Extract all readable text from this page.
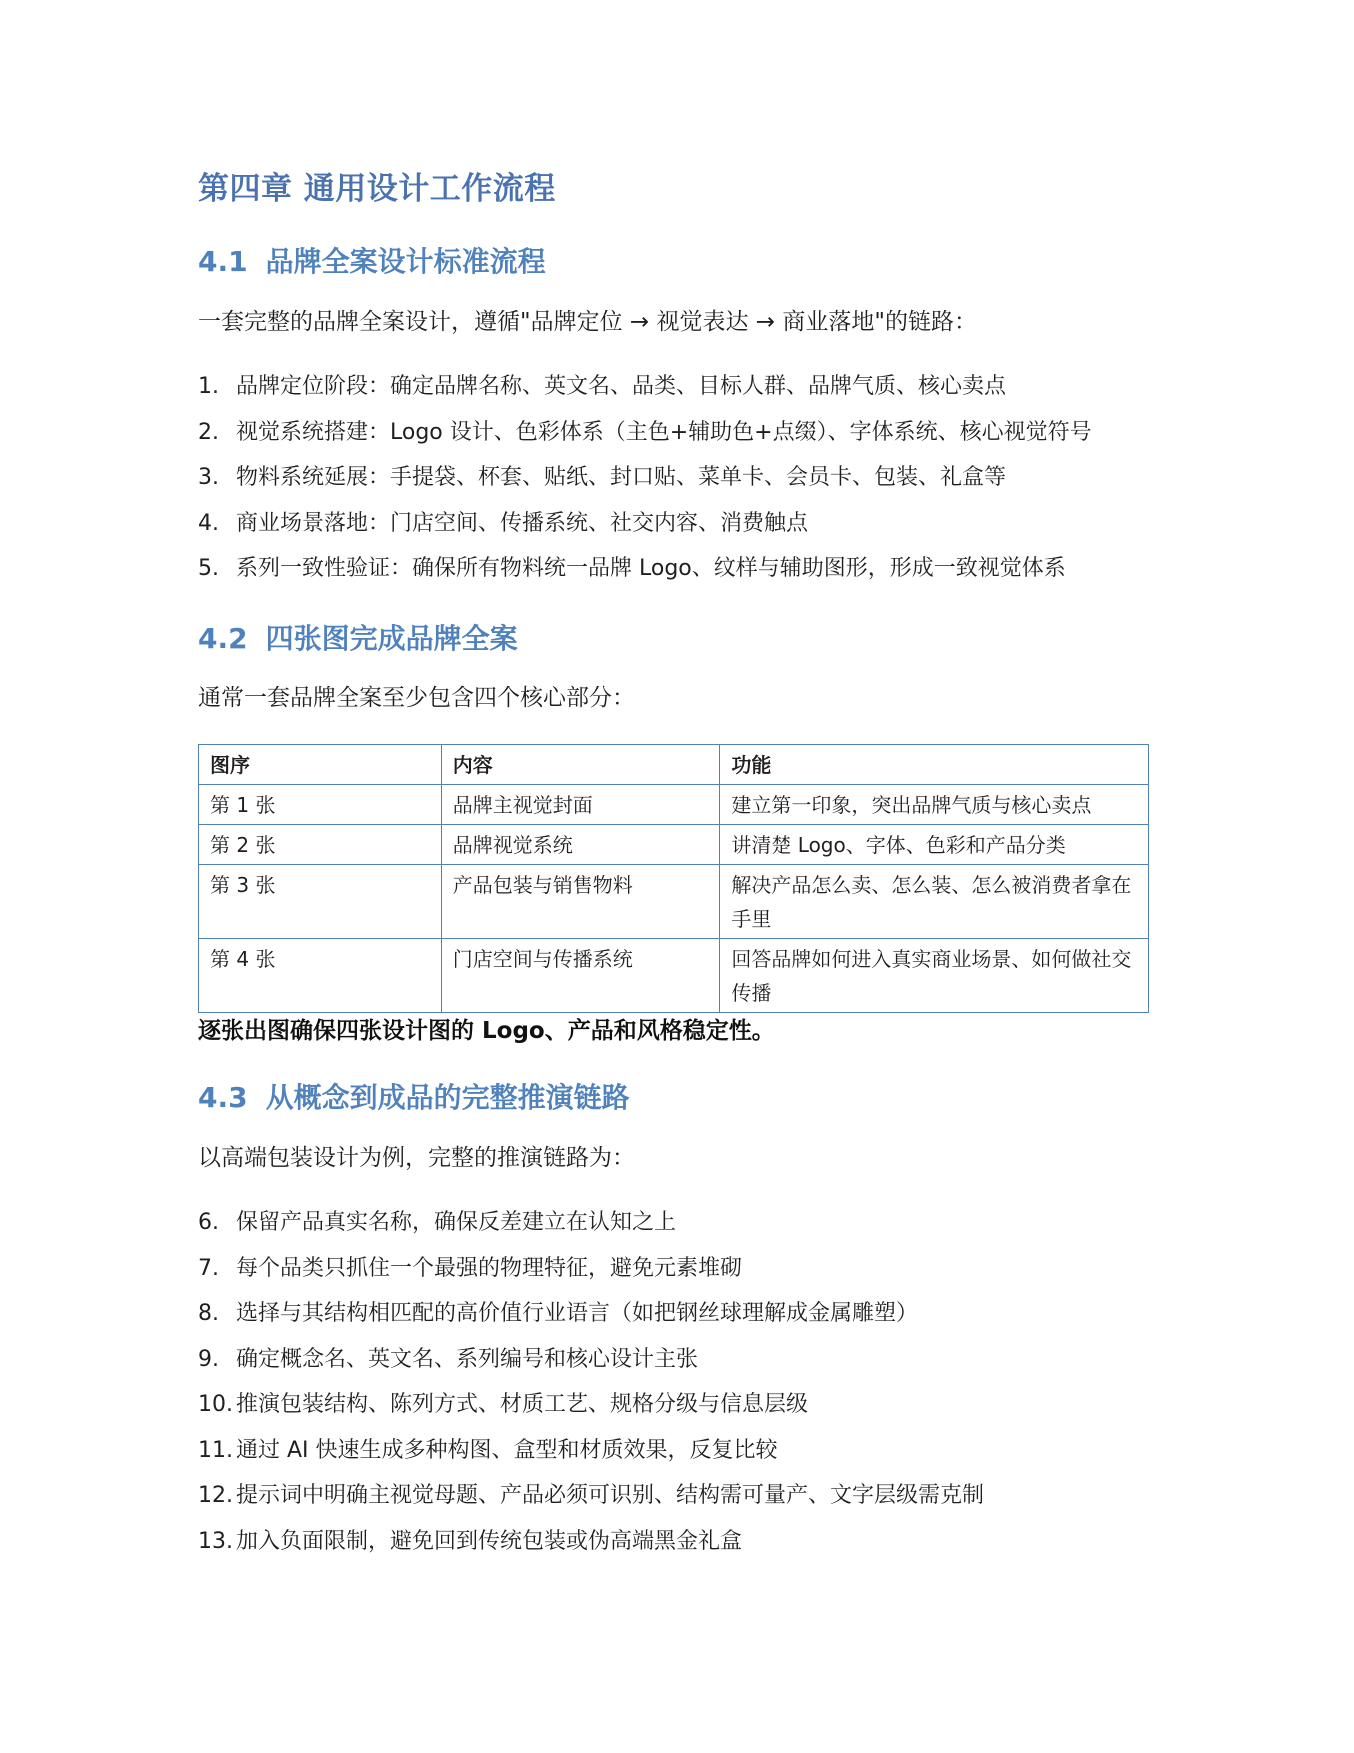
第四章 通用设计工作流程
4.1 品牌全案设计标准流程

一套完整的品牌全案设计，遵循"品牌定位 → 视觉表达 → 商业落地"的链路：

1. 品牌定位阶段：确定品牌名称、英文名、品类、目标人群、品牌气质、核心卖点
2. 视觉系统搭建：Logo 设计、色彩体系（主色+辅助色+点缀）、字体系统、核心视觉符号
3. 物料系统延展：手提袋、杯套、贴纸、封口贴、菜单卡、会员卡、包装、礼盒等
4. 商业场景落地：门店空间、传播系统、社交内容、消费触点
5. 系列一致性验证：确保所有物料统一品牌 Logo、纹样与辅助图形，形成一致视觉体系
4.2 四张图完成品牌全案

通常一套品牌全案至少包含四个核心部分：

图序	内容	功能
第 1 张	品牌主视觉封面	建立第一印象，突出品牌气质与核心卖点
第 2 张	品牌视觉系统	讲清楚 Logo、字体、色彩和产品分类
第 3 张	产品包装与销售物料	解决产品怎么卖、怎么装、怎么被消费者拿在手里
第 4 张	门店空间与传播系统	回答品牌如何进入真实商业场景、如何做社交传播

逐张出图确保四张设计图的 Logo、产品和风格稳定性。

4.3 从概念到成品的完整推演链路

以高端包装设计为例，完整的推演链路为：

6. 保留产品真实名称，确保反差建立在认知之上
7. 每个品类只抓住一个最强的物理特征，避免元素堆砌
8. 选择与其结构相匹配的高价值行业语言（如把钢丝球理解成金属雕塑）
9. 确定概念名、英文名、系列编号和核心设计主张
10. 推演包装结构、陈列方式、材质工艺、规格分级与信息层级
11. 通过 AI 快速生成多种构图、盒型和材质效果，反复比较
12. 提示词中明确主视觉母题、产品必须可识别、结构需可量产、文字层级需克制
13. 加入负面限制，避免回到传统包装或伪高端黑金礼盒
